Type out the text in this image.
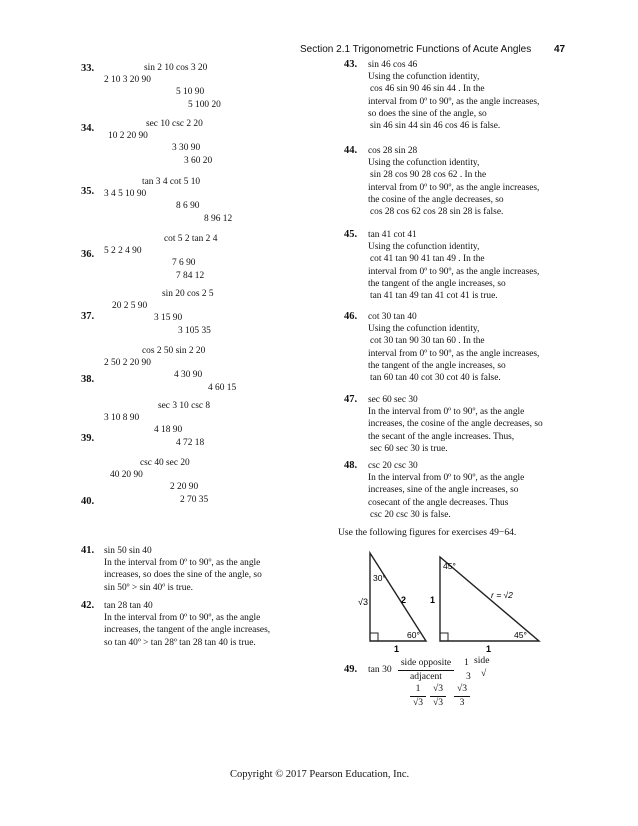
Section 2.1 Trigonometric Functions of Acute Angles 47
33.	sin 2 10 cos 3 20
2 10 3 20 90
5 10 90
5 100 20
34.	sec 10 csc 2 20
10 2 20 90
3 30 90
3 60 20
35.
tan 3 4 cot 5 10
3 4 5 10 90
8 6 90
8 96 12
36.
cot 5 2 tan 2 4
5 2 2 4 90
7 6 90
7 84 12
37.
sin 20 cos 2 5
20 2 5 90
3 15 90
3 105 35
38.
cos 2 50 sin 2 20
2 50 2 20 90
4 30 90
4 60 15
39.
sec 3 10 csc 8
3 10 8 90
4 18 90
4 72 18
40.
csc 40 sec 20
40 20 90
2 20 90
2 70 35
41. sin 50 sin 40
In the interval from 0º to 90º, as the angle
increases, so does the sine of the angle, so
sin 50º > sin 40º is true.
42. tan 28 tan 40
In the interval from 0º to 90º, as the angle
increases, the tangent of the angle increases,
so tan 40º > tan 28º tan 28 tan 40 is true.
43. sin 46 cos 46
Using the cofunction identity,
cos 46 sin 90 46 sin 44 . In the
interval from 0º to 90º, as the angle increases,
so does the sine of the angle, so
sin 46 sin 44 sin 46 cos 46 is false.
44. cos 28 sin 28
Using the cofunction identity,
sin 28 cos 90 28 cos 62 . In the
interval from 0º to 90º, as the angle increases,
the cosine of the angle decreases, so
cos 28 cos 62 cos 28 sin 28 is false.
45. tan 41 cot 41
Using the cofunction identity,
cot 41 tan 90 41 tan 49 . In the
interval from 0º to 90º, as the angle increases,
the tangent of the angle increases, so
tan 41 tan 49 tan 41 cot 41 is true.
46. cot 30 tan 40
Using the cofunction identity,
cot 30 tan 90 30 tan 60 . In the
interval from 0º to 90º, as the angle increases,
the tangent of the angle increases, so
tan 60 tan 40 cot 30 cot 40 is false.
47. sec 60 sec 30
In the interval from 0º to 90º, as the angle
increases, the cosine of the angle decreases, so
the secant of the angle increases. Thus,
sec 60 sec 30 is true.
48. csc 20 csc 30
In the interval from 0º to 90º, as the angle
increases, sine of the angle increases, so
cosecant of the angle decreases. Thus
csc 20 csc 30 is false.
Use the following figures for exercises 49−64.
30°
√3	2
60°
1
45°
1	r = √2
45°
1
49. tan 30
side opposite
adjacent
1
3
side
√
1
√3
√3
√3
√3
3
Copyright © 2017 Pearson Education, Inc.
